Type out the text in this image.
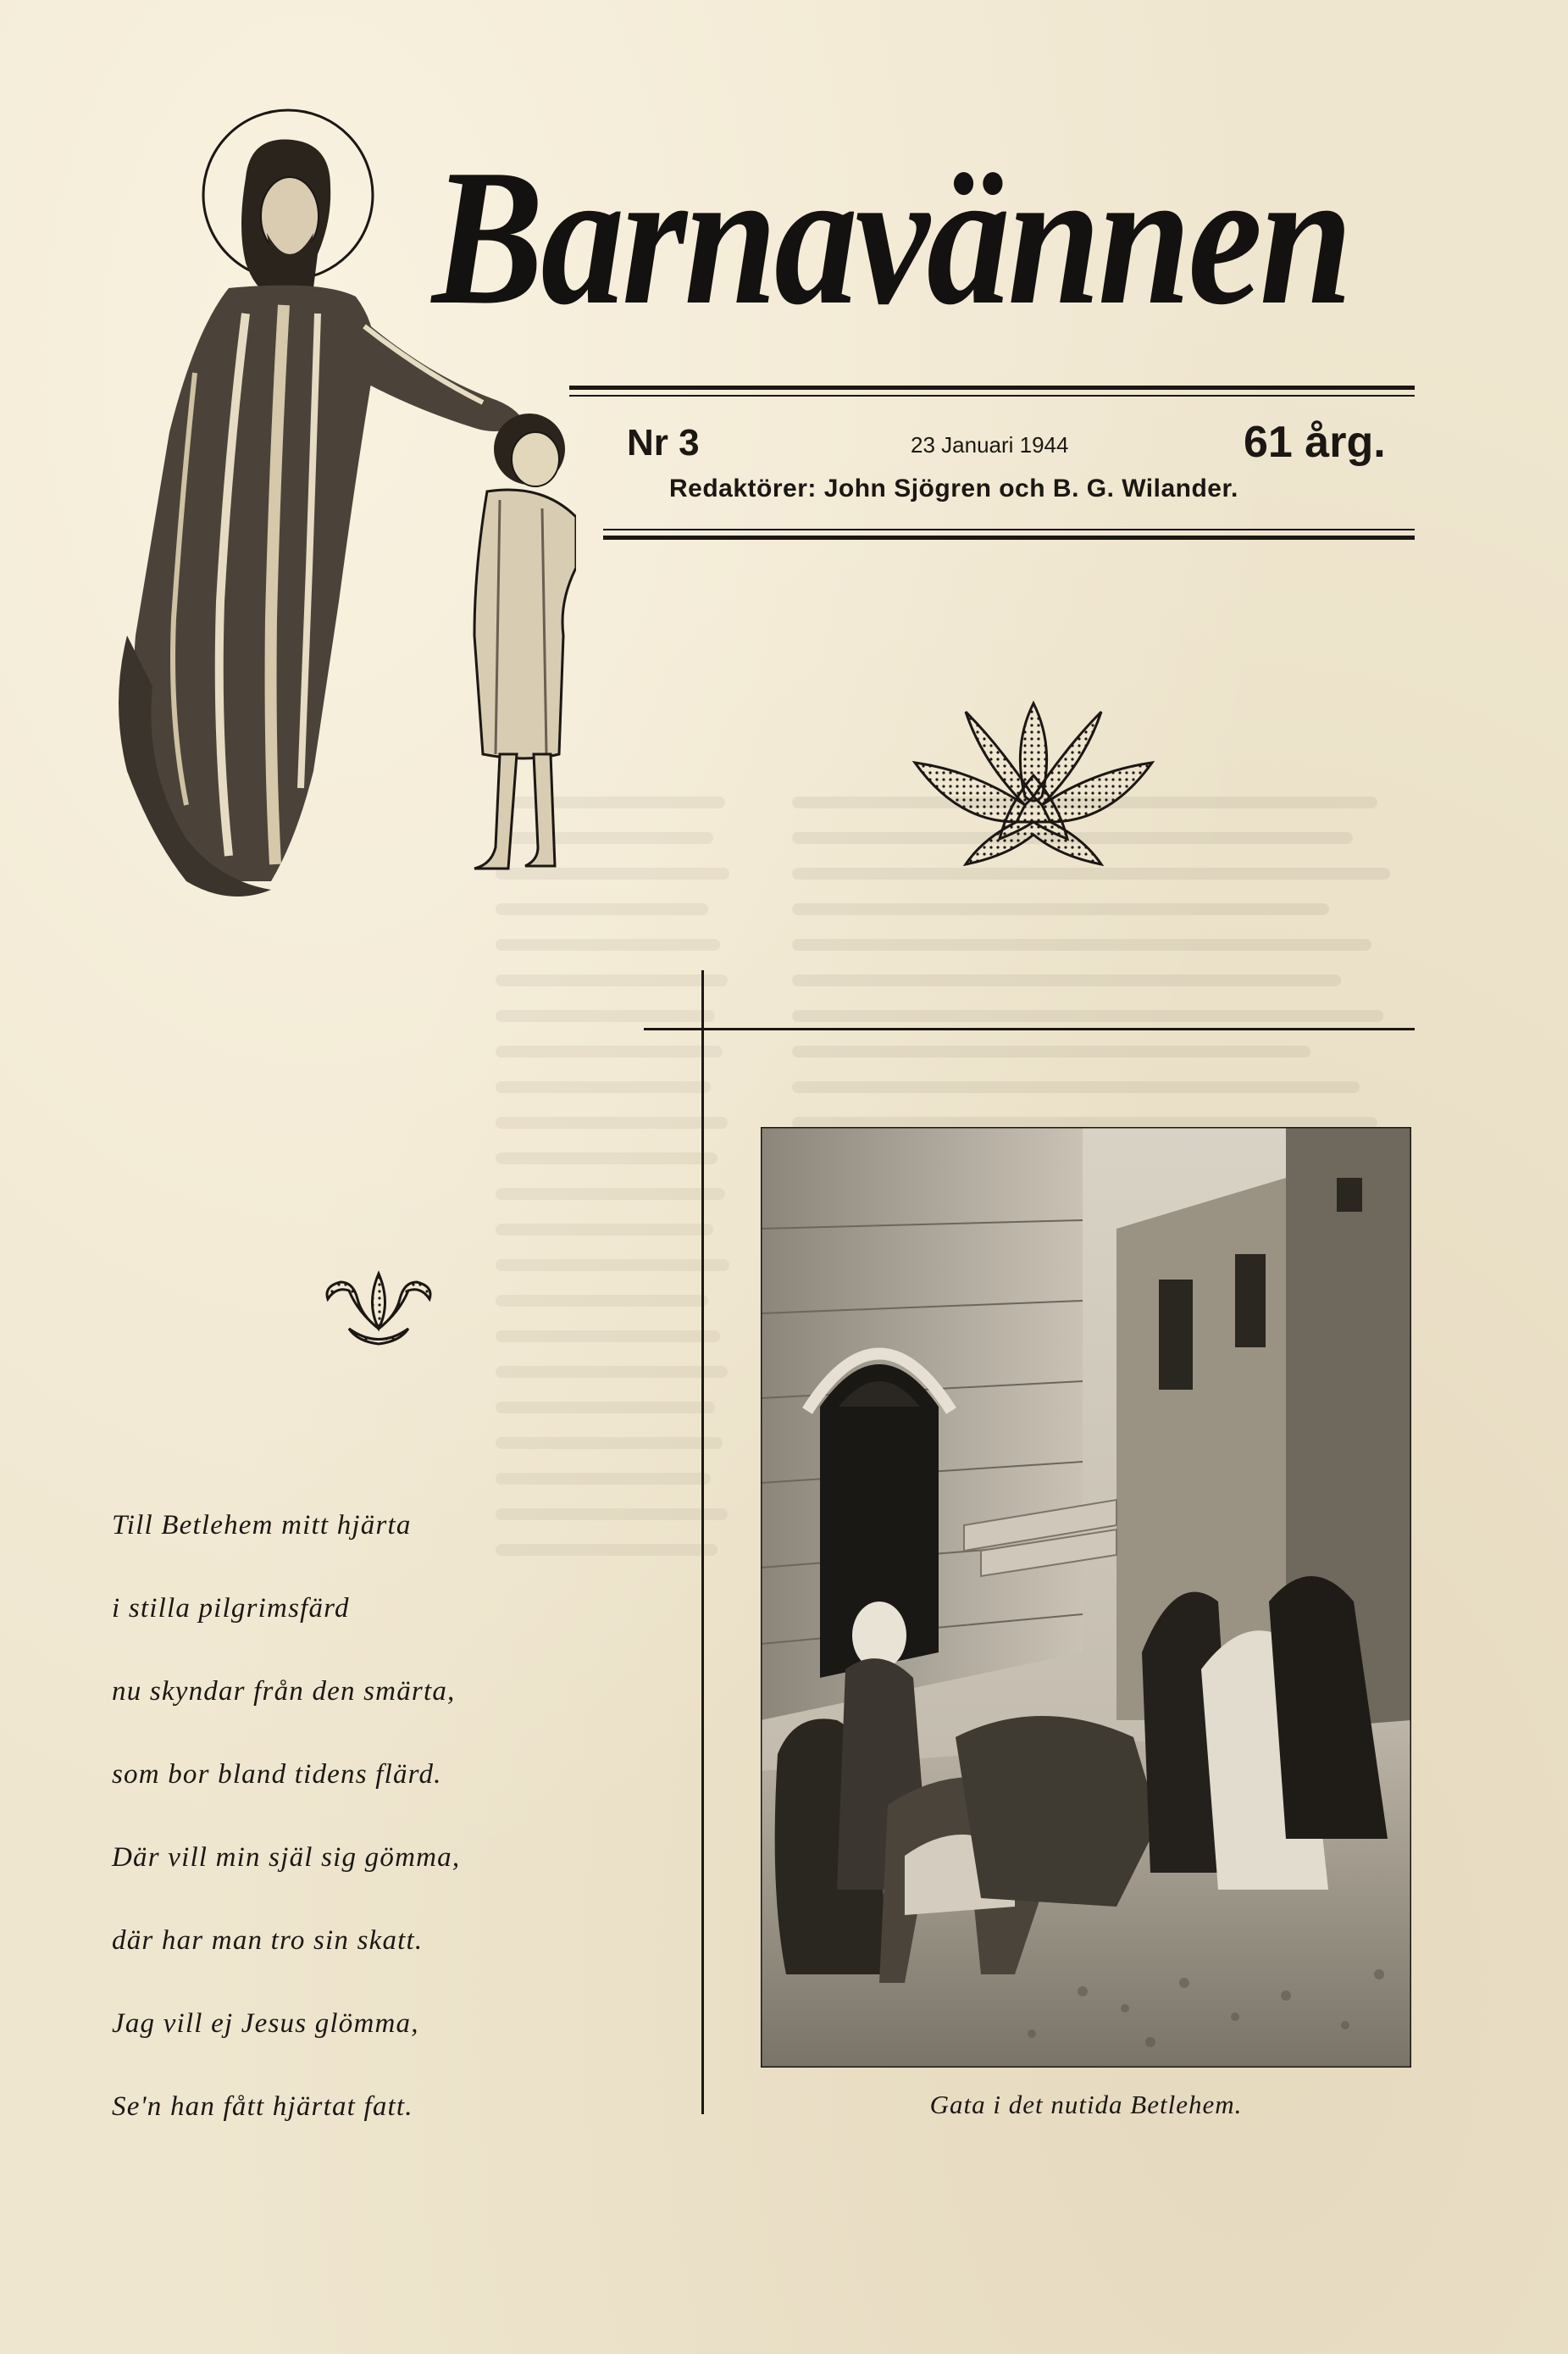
Barnavännen
Nr 3	23 Januari 1944	61 årg.
Redaktörer: John Sjögren och B. G. Wilander.
Till Betlehem mitt hjärta
i stilla pilgrimsfärd
nu skyndar från den smärta,
som bor bland tidens flärd.
Där vill min själ sig gömma,
där har man tro sin skatt.
Jag vill ej Jesus glömma,
Se'n han fått hjärtat fatt.	Gata i det nutida Betlehem.
